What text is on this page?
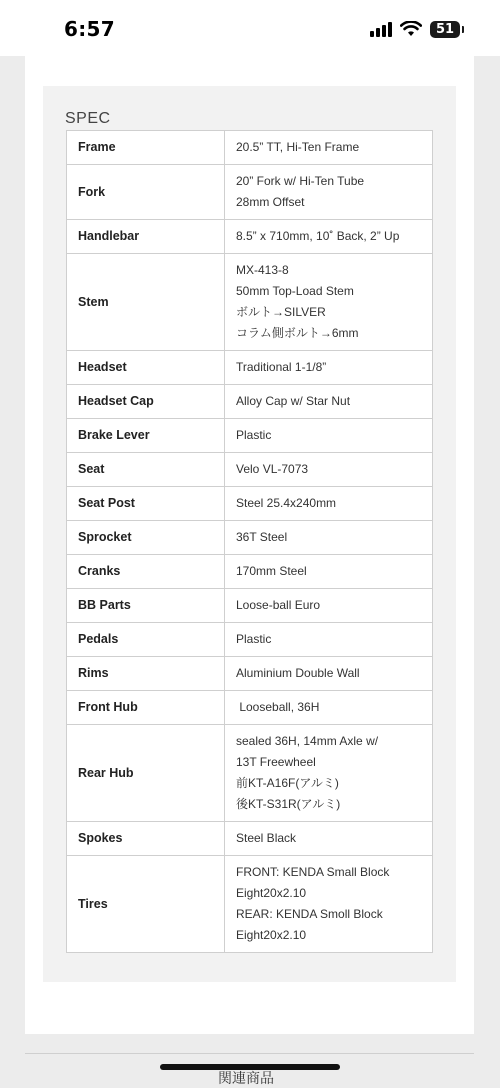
6:57	51
SPEC
Frame	20.5” TT, Hi-Ten Frame

Fork	20” Fork w/ Hi-Ten Tube
28mm Offset

Handlebar	8.5” x 710mm, 10˚ Back, 2” Up

Stem	MX-413-8
50mm Top-Load Stem
ボルト→SILVER
コラム側ボルト→6mm

Headset	Traditional 1-1/8”

Headset Cap	Alloy Cap w/ Star Nut

Brake Lever	Plastic

Seat	Velo VL-7073

Seat Post	Steel 25.4x240mm

Sprocket	36T Steel

Cranks	170mm Steel

BB Parts	Loose-ball Euro

Pedals	Plastic

Rims	Aluminium Double Wall

Front Hub	Looseball, 36H

Rear Hub	sealed 36H, 14mm Axle w/
13T Freewheel
前KT-A16F(アルミ)
後KT-S31R(アルミ)

Spokes	Steel Black

Tires	FRONT: KENDA Small Block
Eight20x2.10
REAR: KENDA Smoll Block
Eight20x2.10
関連商品
